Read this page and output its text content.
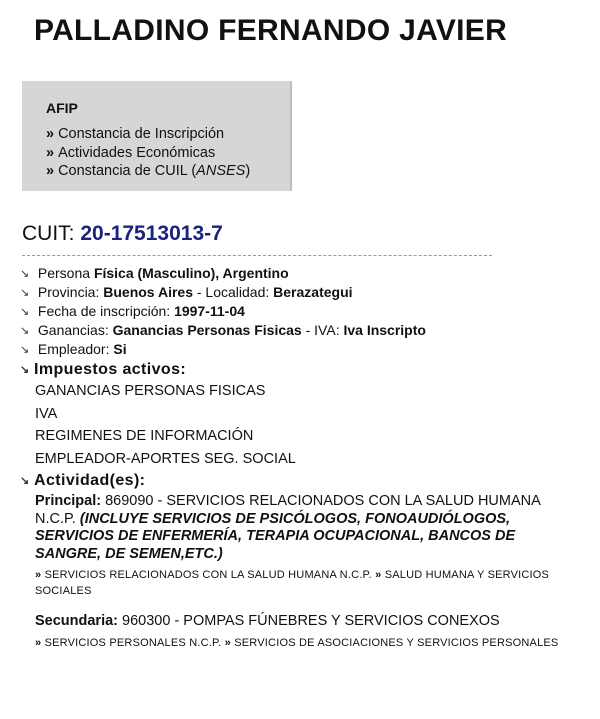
PALLADINO FERNANDO JAVIER
AFIP
» Constancia de Inscripción
» Actividades Económicas
» Constancia de CUIL (ANSES)
CUIT: 20-17513013-7
↘ Persona Física (Masculino), Argentino
↘ Provincia: Buenos Aires - Localidad: Berazategui
↘ Fecha de inscripción: 1997-11-04
↘ Ganancias: Ganancias Personas Fisicas - IVA: Iva Inscripto
↘ Empleador: Si
↘ Impuestos activos:
GANANCIAS PERSONAS FISICAS
IVA
REGIMENES DE INFORMACIÓN
EMPLEADOR-APORTES SEG. SOCIAL
↘ Actividad(es):
Principal: 869090 - SERVICIOS RELACIONADOS CON LA SALUD HUMANA N.C.P. (INCLUYE SERVICIOS DE PSICÓLOGOS, FONOAUDIÓLOGOS, SERVICIOS DE ENFERMERÍA, TERAPIA OCUPACIONAL, BANCOS DE SANGRE, DE SEMEN,ETC.)
» SERVICIOS RELACIONADOS CON LA SALUD HUMANA N.C.P. » SALUD HUMANA Y SERVICIOS SOCIALES
Secundaria: 960300 - POMPAS FÚNEBRES Y SERVICIOS CONEXOS
» SERVICIOS PERSONALES N.C.P. » SERVICIOS DE ASOCIACIONES Y SERVICIOS PERSONALES
